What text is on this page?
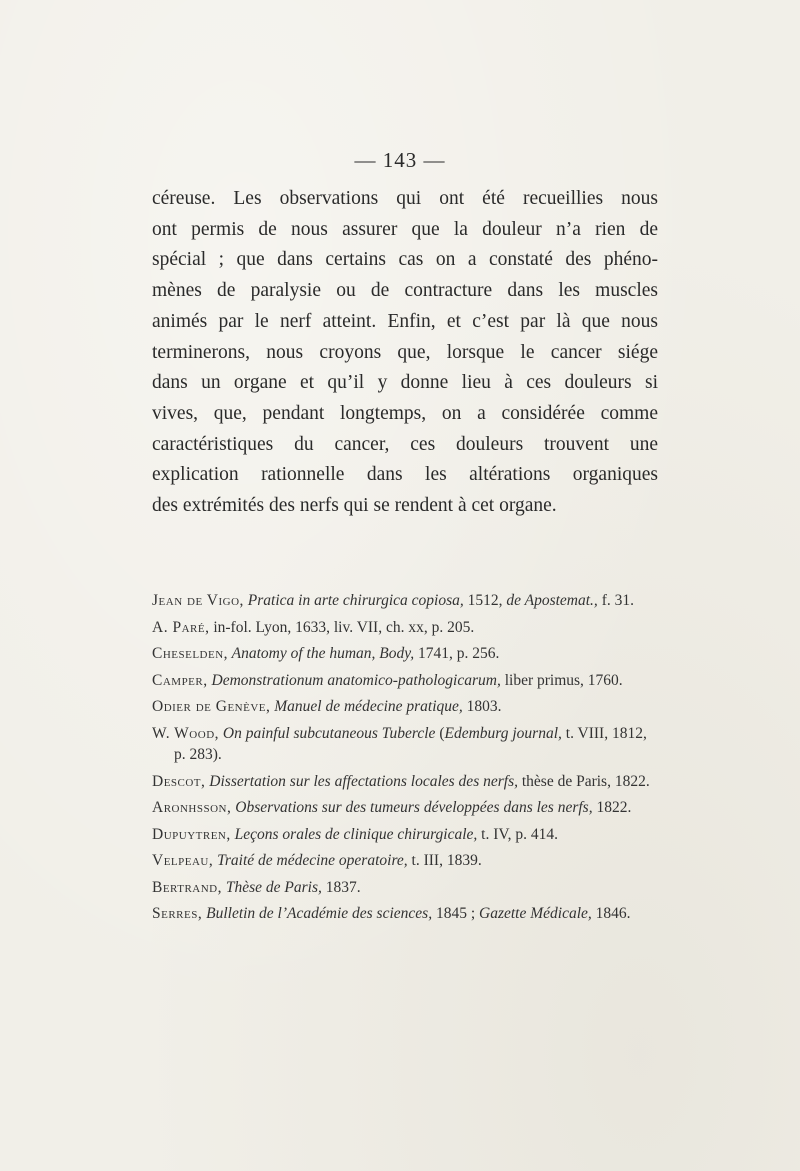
— 143 —
céreuse. Les observations qui ont été recueillies nous
ont permis de nous assurer que la douleur n’a rien de
spécial ; que dans certains cas on a constaté des phéno-
mènes de paralysie ou de contracture dans les muscles
animés par le nerf atteint. Enfin, et c’est par là que nous
terminerons, nous croyons que, lorsque le cancer siége
dans un organe et qu’il y donne lieu à ces douleurs si
vives, que, pendant longtemps, on a considérée comme
caractéristiques du cancer, ces douleurs trouvent une
explication rationnelle dans les altérations organiques
des extrémités des nerfs qui se rendent à cet organe.
Jean de Vigo, Pratica in arte chirurgica copiosa, 1512, de Apostemat., f. 31.
A. Paré, in-fol. Lyon, 1633, liv. VII, ch. xx, p. 205.
Cheselden, Anatomy of the human, Body, 1741, p. 256.
Camper, Demonstrationum anatomico-pathologicarum, liber primus, 1760.
Odier de Genève, Manuel de médecine pratique, 1803.
W. Wood, On painful subcutaneous Tubercle (Edemburg journal, t. VIII, 1812, p. 283).
Descot, Dissertation sur les affectations locales des nerfs, thèse de Paris, 1822.
Aronhsson, Observations sur des tumeurs développées dans les nerfs, 1822.
Dupuytren, Leçons orales de clinique chirurgicale, t. IV, p. 414.
Velpeau, Traité de médecine operatoire, t. III, 1839.
Bertrand, Thèse de Paris, 1837.
Serres, Bulletin de l’Académie des sciences, 1845 ; Gazette Médicale, 1846.
